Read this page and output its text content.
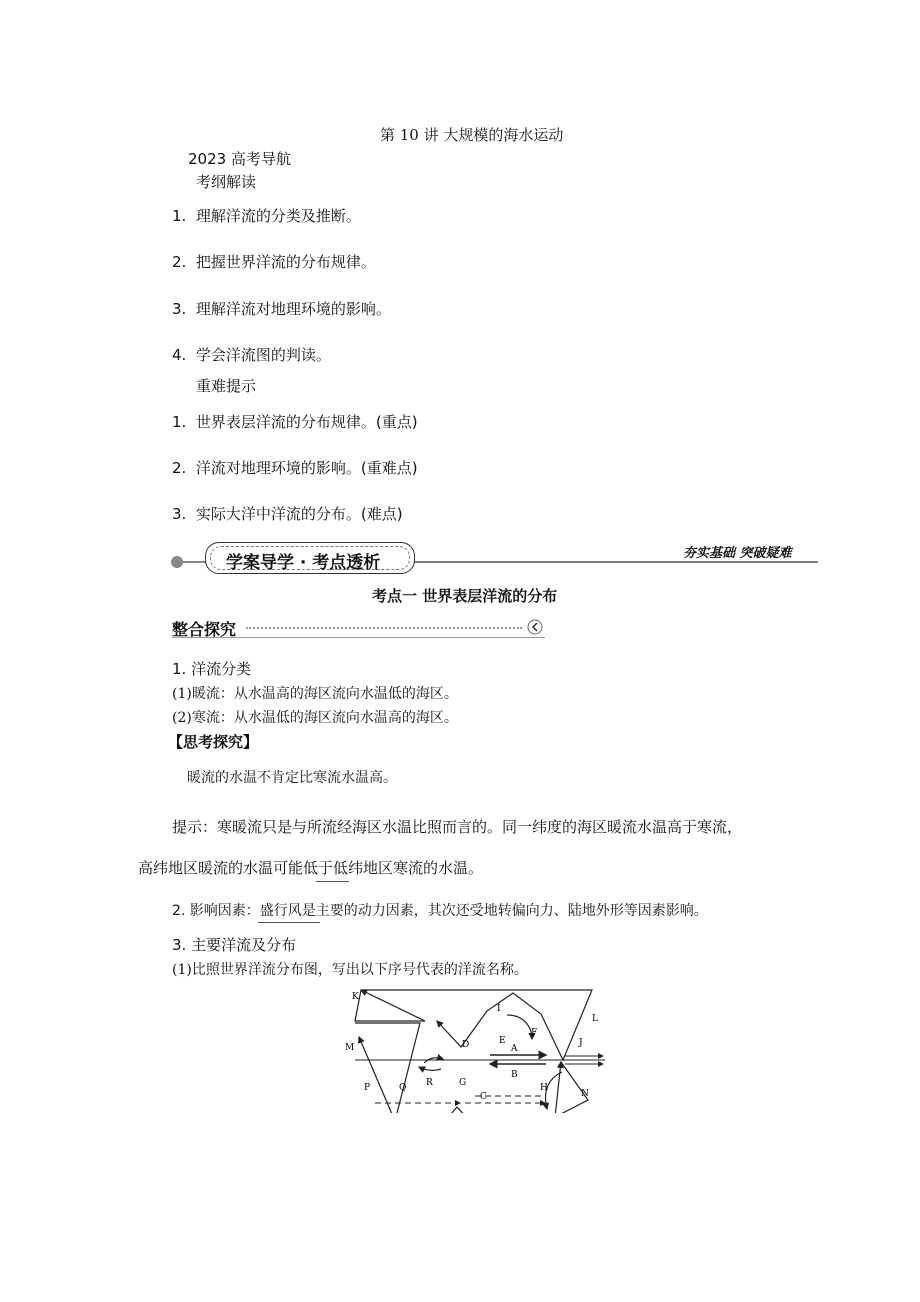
第 10 讲 大规模的海水运动
2023 高考导航
考纲解读
1. 理解洋流的分类及推断。
2. 把握世界洋流的分布规律。
3. 理解洋流对地理环境的影响。
4. 学会洋流图的判读。
重难提示
1. 世界表层洋流的分布规律。(重点)
2. 洋流对地理环境的影响。(重难点)
3. 实际大洋中洋流的分布。(难点)
学案导学 · 考点透析	夯实基础 突破疑难
考点一 世界表层洋流的分布
整合探究
1. 洋流分类
(1)暖流：从水温高的海区流向水温低的海区。
(2)寒流：从水温低的海区流向水温高的海区。
【思考探究】
暖流的水温不肯定比寒流水温高。
提示：寒暖流只是与所流经海区水温比照而言的。同一纬度的海区暖流水温高于寒流，
高纬地区暖流的水温可能低于低纬地区寒流的水温。
2. 影响因素：盛行风是主要的动力因素，其次还受地转偏向力、陆地外形等因素影响。
3. 主要洋流及分布
(1)比照世界洋流分布图，写出以下序号代表的洋流名称。
K
L
M
I
F
D	E
A
B
J
P	Q R	G
C
H
N
